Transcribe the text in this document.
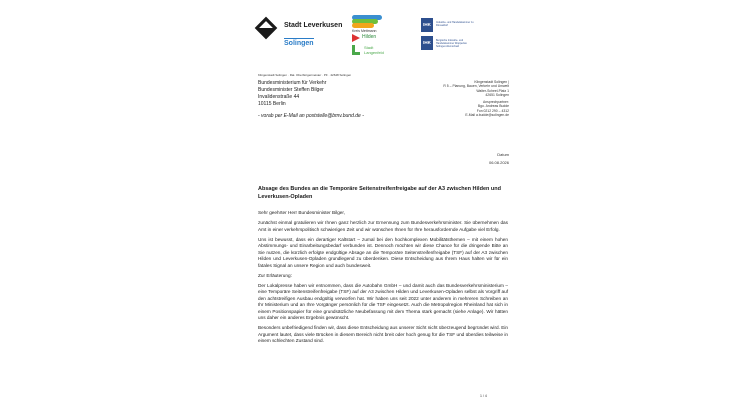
Stadt Leverkusen
Solingen
Kreis Mettmann
Hilden
Stadt
Langenfeld
IHK	Industrie- und Handelskammer zu Düsseldorf
IHK	Bergische Industrie- und Handelskammer Wuppertal-Solingen-Remscheid
Klingenstadt Solingen · Rat. Oberbürgermeister · PF · 42648 Solingen
Bundesministerium für Verkehr
Bundesminister Steffen Bilger
Invalidenstraße 44
10115 Berlin
- vorab per E-Mail an poststelle@bmv.bund.de -
Klingenstadt Solingen |
R 5 – Planung, Bauen, Verkehr und Umwelt
Walter-Scheel-Platz 1
42651 Solingen
Ansprechpartner:
Bgo. Andreas Budde
Fon 0212 290 – 4312
E-Mail a.budde@solingen.de
Datum
06.08.2026
Absage des Bundes an die Temporäre Seitenstreifenfreigabe auf der A3 zwischen Hilden und Leverkusen-Opladen

Sehr geehrter Herr Bundesminister Bilger,

zunächst einmal gratulieren wir Ihnen ganz herzlich zur Ernennung zum Bundesverkehrsminister. Sie übernehmen das Amt in einer verkehrspolitisch schwierigen Zeit und wir wünschen Ihnen für Ihre herausfordernde Aufgabe viel Erfolg.

Uns ist bewusst, dass ein derartiger Kaltstart – zumal bei den hochkomplexen Mobilitätsthemen – mit einem hohen Abstimmungs- und Einarbeitungsbedarf verbunden ist. Dennoch möchten wir diese Chance für die dringende Bitte an Sie nutzen, die kürzlich erfolgte endgültige Absage an die Temporäre Seitenstreifenfreigabe (TSF) auf der A3 zwischen Hilden und Leverkusen-Opladen grundlegend zu überdenken. Diese Entscheidung aus Ihrem Haus halten wir für ein fatales Signal an unsere Region und auch bundesweit.

Zur Erläuterung:

Der Lokalpresse haben wir entnommen, dass die Autobahn GmbH – und damit auch das Bundesverkehrsministerium – eine Temporäre Seitenstreifenfreigabe (TSF) auf der A3 zwischen Hilden und Leverkusen-Opladen selbst als Vorgriff auf den achtstreifigen Ausbau endgültig verworfen hat. Wir haben uns seit 2022 unter anderem in mehreren Schreiben an Ihr Ministerium und an Ihre Vorgänger persönlich für die TSF eingesetzt. Auch die Metropolregion Rheinland hat sich in einem Positionspapier für eine grundsätzliche Neubefassung mit dem Thema stark gemacht (siehe Anlage). Wir hätten uns daher ein anderes Ergebnis gewünscht.

Besonders unbefriedigend finden wir, dass diese Entscheidung aus unserer Sicht nicht überzeugend begründet wird. Ein Argument lautet, dass viele Brücken in diesem Bereich nicht breit oder hoch genug für die TSF und überdies teilweise in einem schlechten Zustand sind.

1 / 4
